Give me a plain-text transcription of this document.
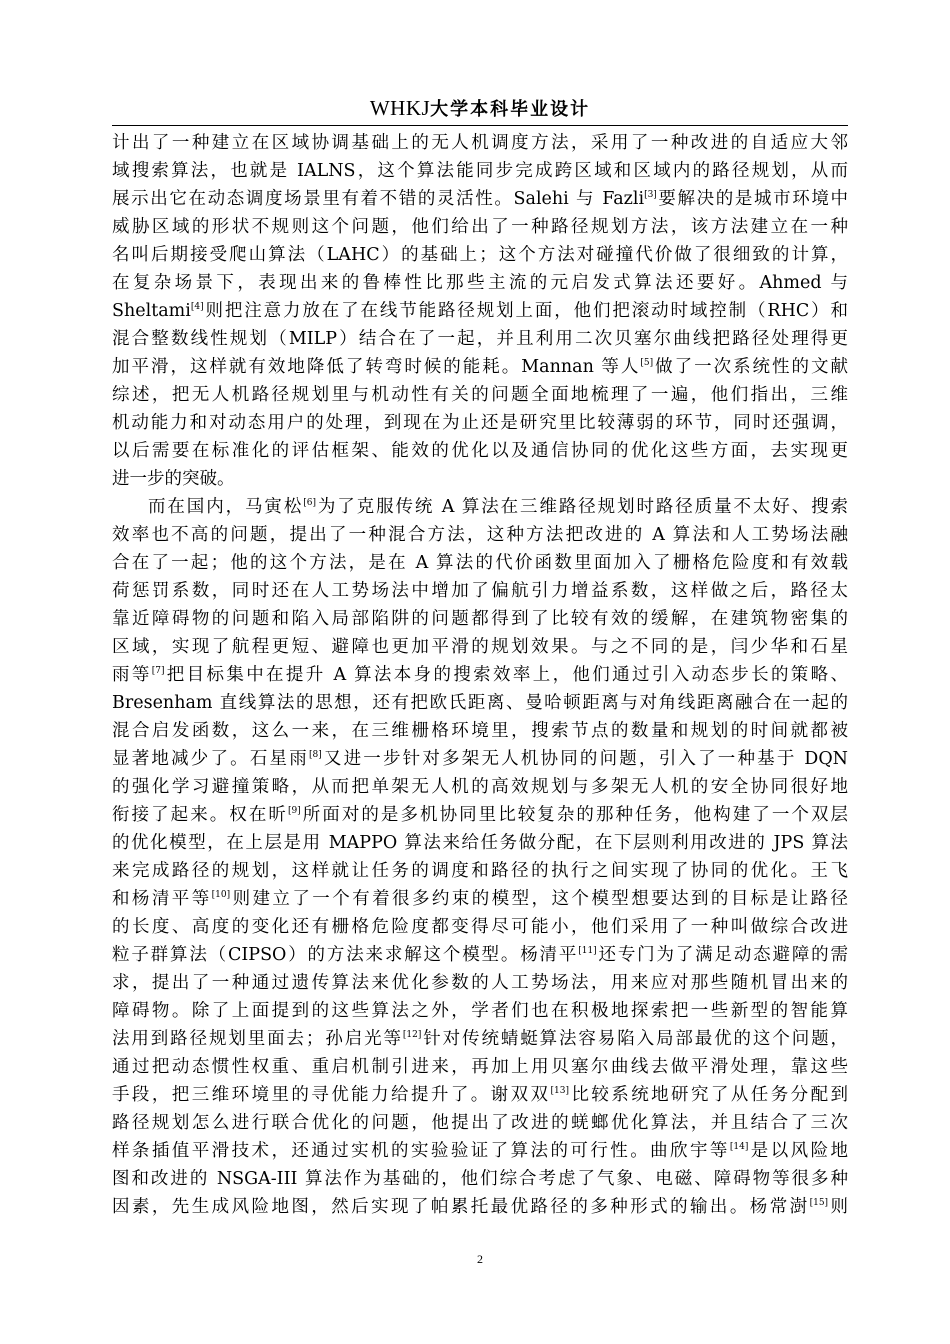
WHKJ大学本科毕业设计
计出了一种建立在区域协调基础上的无人机调度方法，采用了一种改进的自适应大邻
域搜索算法，也就是 IALNS，这个算法能同步完成跨区域和区域内的路径规划，从而
展示出它在动态调度场景里有着不错的灵活性。Salehi 与 Fazli[3]要解决的是城市环境中
威胁区域的形状不规则这个问题，他们给出了一种路径规划方法，该方法建立在一种
名叫后期接受爬山算法（LAHC）的基础上；这个方法对碰撞代价做了很细致的计算，
在复杂场景下，表现出来的鲁棒性比那些主流的元启发式算法还要好。Ahmed 与
Sheltami[4]则把注意力放在了在线节能路径规划上面，他们把滚动时域控制（RHC）和
混合整数线性规划（MILP）结合在了一起，并且利用二次贝塞尔曲线把路径处理得更
加平滑，这样就有效地降低了转弯时候的能耗。Mannan 等人[5]做了一次系统性的文献
综述，把无人机路径规划里与机动性有关的问题全面地梳理了一遍，他们指出，三维
机动能力和对动态用户的处理，到现在为止还是研究里比较薄弱的环节，同时还强调，
以后需要在标准化的评估框架、能效的优化以及通信协同的优化这些方面，去实现更
进一步的突破。
而在国内，马寅松[6]为了克服传统 A 算法在三维路径规划时路径质量不太好、搜索
效率也不高的问题，提出了一种混合方法，这种方法把改进的 A 算法和人工势场法融
合在了一起；他的这个方法，是在 A 算法的代价函数里面加入了栅格危险度和有效载
荷惩罚系数，同时还在人工势场法中增加了偏航引力增益系数，这样做之后，路径太
靠近障碍物的问题和陷入局部陷阱的问题都得到了比较有效的缓解，在建筑物密集的
区域，实现了航程更短、避障也更加平滑的规划效果。与之不同的是，闫少华和石星
雨等[7]把目标集中在提升 A 算法本身的搜索效率上，他们通过引入动态步长的策略、
Bresenham 直线算法的思想，还有把欧氏距离、曼哈顿距离与对角线距离融合在一起的
混合启发函数，这么一来，在三维栅格环境里，搜索节点的数量和规划的时间就都被
显著地减少了。石星雨[8]又进一步针对多架无人机协同的问题，引入了一种基于 DQN
的强化学习避撞策略，从而把单架无人机的高效规划与多架无人机的安全协同很好地
衔接了起来。权在昕[9]所面对的是多机协同里比较复杂的那种任务，他构建了一个双层
的优化模型，在上层是用 MAPPO 算法来给任务做分配，在下层则利用改进的 JPS 算法
来完成路径的规划，这样就让任务的调度和路径的执行之间实现了协同的优化。王飞
和杨清平等[10]则建立了一个有着很多约束的模型，这个模型想要达到的目标是让路径
的长度、高度的变化还有栅格危险度都变得尽可能小，他们采用了一种叫做综合改进
粒子群算法（CIPSO）的方法来求解这个模型。杨清平[11]还专门为了满足动态避障的需
求，提出了一种通过遗传算法来优化参数的人工势场法，用来应对那些随机冒出来的
障碍物。除了上面提到的这些算法之外，学者们也在积极地探索把一些新型的智能算
法用到路径规划里面去；孙启光等[12]针对传统蜻蜓算法容易陷入局部最优的这个问题，
通过把动态惯性权重、重启机制引进来，再加上用贝塞尔曲线去做平滑处理，靠这些
手段，把三维环境里的寻优能力给提升了。谢双双[13]比较系统地研究了从任务分配到
路径规划怎么进行联合优化的问题，他提出了改进的蜣螂优化算法，并且结合了三次
样条插值平滑技术，还通过实机的实验验证了算法的可行性。曲欣宇等[14]是以风险地
图和改进的 NSGA-III 算法作为基础的，他们综合考虑了气象、电磁、障碍物等很多种
因素，先生成风险地图，然后实现了帕累托最优路径的多种形式的输出。杨常澍[15]则
2
